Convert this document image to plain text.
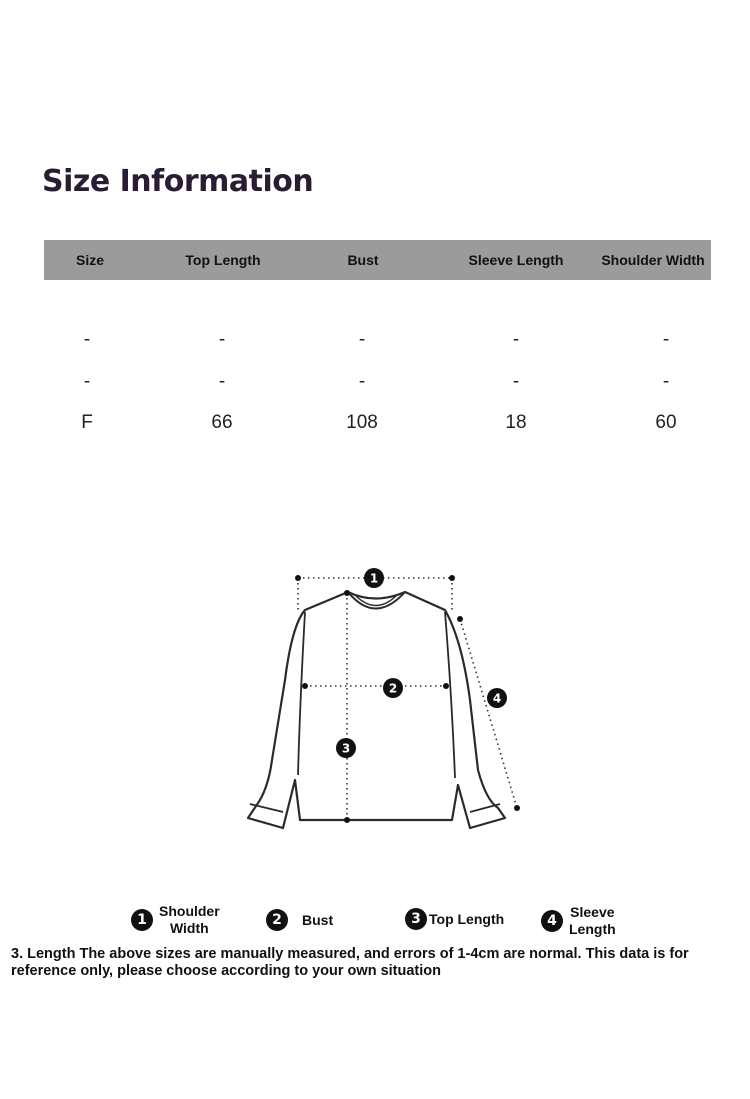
Size Information
Size	Top Length	Bust	Sleeve Length	Shoulder Width
-	-	-	-	-
-	-	-	-	-
F	66	108	18	60
1
2
3
4
1
Shoulder
Width	2	Bust	3 Top Length	4
Sleeve
Length
3. Length The above sizes are manually measured, and errors of 1-4cm are normal. This data is for reference only, please choose according to your own situation
